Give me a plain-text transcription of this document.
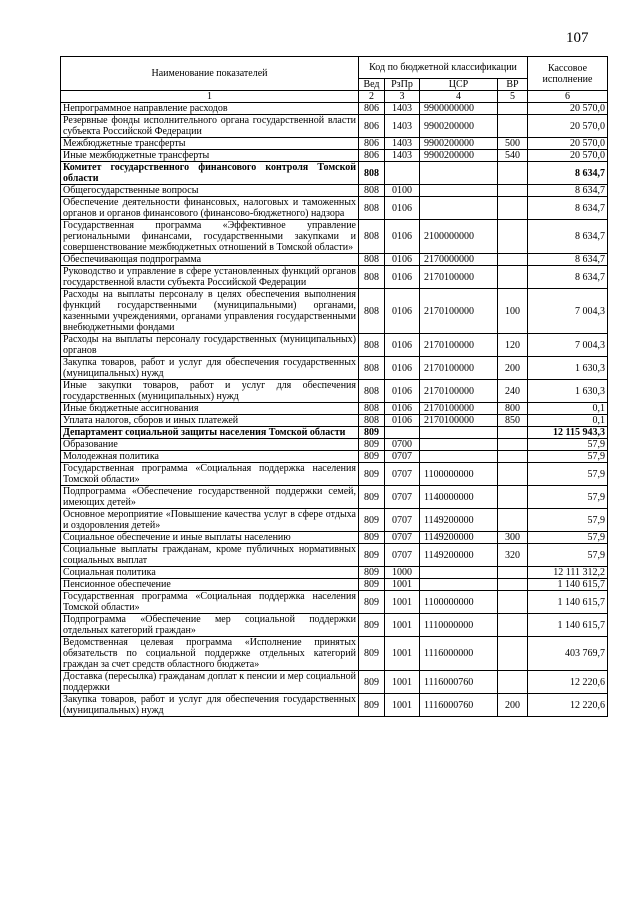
107
Наименование показателей	Код по бюджетной классификации				Кассовое исполнение
	Вед	РзПр	ЦСР	ВР	
1	2	3	4	5	6
Непрограммное направление расходов	806	1403	9900000000		20 570,0
Резервные фонды исполнительного органа государственной власти субъекта Российской Федерации	806	1403	9900200000		20 570,0
Межбюджетные трансферты	806	1403	9900200000	500	20 570,0
Иные межбюджетные трансферты	806	1403	9900200000	540	20 570,0
Комитет государственного финансового контроля Томской области	808				8 634,7
Общегосударственные вопросы	808	0100			8 634,7
Обеспечение деятельности финансовых, налоговых и таможенных органов и органов финансового (финансово-бюджетного) надзора	808	0106			8 634,7
Государственная программа «Эффективное управление региональными финансами, государственными закупками и совершенствование межбюджетных отношений в Томской области»	808	0106	2100000000		8 634,7
Обеспечивающая подпрограмма	808	0106	2170000000		8 634,7
Руководство и управление в сфере установленных функций органов государственной власти субъекта Российской Федерации	808	0106	2170100000		8 634,7
Расходы на выплаты персоналу в целях обеспечения выполнения функций государственными (муниципальными) органами, казенными учреждениями, органами управления государственными внебюджетными фондами	808	0106	2170100000	100	7 004,3
Расходы на выплаты персоналу государственных (муниципальных) органов	808	0106	2170100000	120	7 004,3
Закупка товаров, работ и услуг для обеспечения государственных (муниципальных) нужд	808	0106	2170100000	200	1 630,3
Иные закупки товаров, работ и услуг для обеспечения государственных (муниципальных) нужд	808	0106	2170100000	240	1 630,3
Иные бюджетные ассигнования	808	0106	2170100000	800	0,1
Уплата налогов, сборов и иных платежей	808	0106	2170100000	850	0,1
Департамент социальной защиты населения Томской области	809				12 115 943,3
Образование	809	0700			57,9
Молодежная политика	809	0707			57,9
Государственная программа «Социальная поддержка населения Томской области»	809	0707	1100000000		57,9
Подпрограмма «Обеспечение государственной поддержки семей, имеющих детей»	809	0707	1140000000		57,9
Основное мероприятие «Повышение качества услуг в сфере отдыха и оздоровления детей»	809	0707	1149200000		57,9
Социальное обеспечение и иные выплаты населению	809	0707	1149200000	300	57,9
Социальные выплаты гражданам, кроме публичных нормативных социальных выплат	809	0707	1149200000	320	57,9
Социальная политика	809	1000			12 111 312,2
Пенсионное обеспечение	809	1001			1 140 615,7
Государственная программа «Социальная поддержка населения Томской области»	809	1001	1100000000		1 140 615,7
Подпрограмма «Обеспечение мер социальной поддержки отдельных категорий граждан»	809	1001	1110000000		1 140 615,7
Ведомственная целевая программа «Исполнение принятых обязательств по социальной поддержке отдельных категорий граждан за счет средств областного бюджета»	809	1001	1116000000		403 769,7
Доставка (пересылка) гражданам доплат к пенсии и мер социальной поддержки	809	1001	1116000760		12 220,6
Закупка товаров, работ и услуг для обеспечения государственных (муниципальных) нужд	809	1001	1116000760	200	12 220,6
